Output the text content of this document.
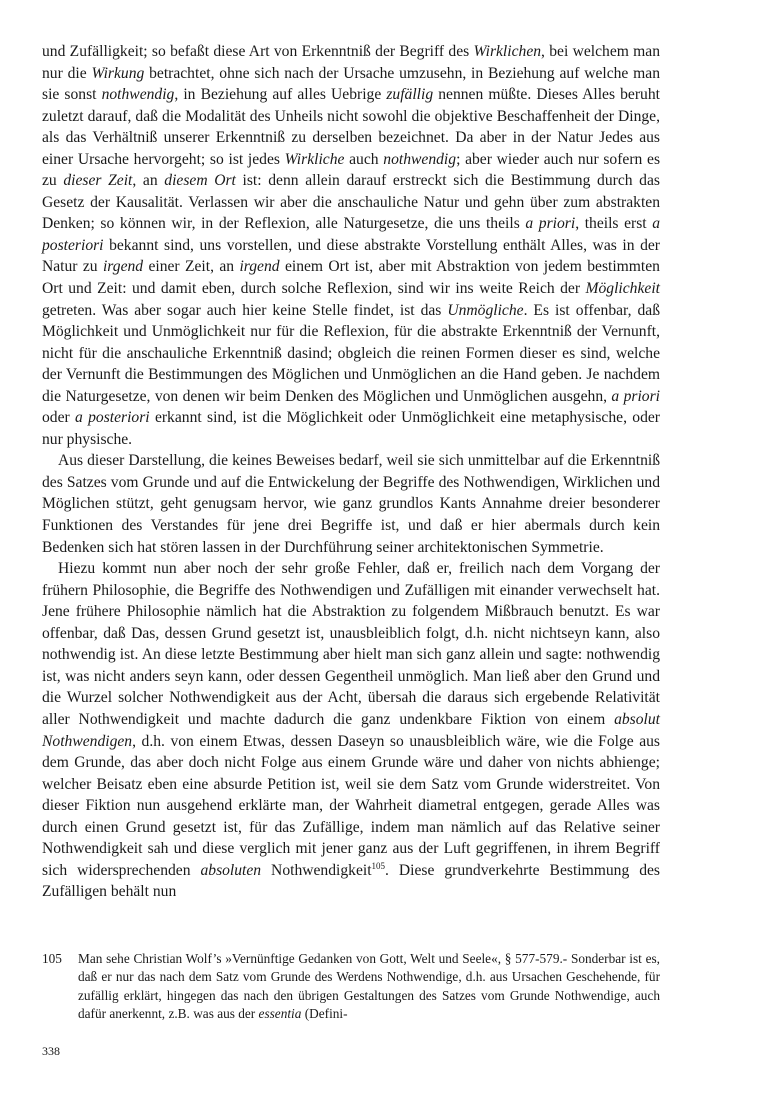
und Zufälligkeit; so befaßt diese Art von Erkenntniß der Begriff des Wirklichen, bei welchem man nur die Wirkung betrachtet, ohne sich nach der Ursache umzusehn, in Beziehung auf welche man sie sonst nothwendig, in Beziehung auf alles Uebrige zufällig nennen müßte. Dieses Alles beruht zuletzt darauf, daß die Modalität des Unheils nicht sowohl die objektive Beschaffenheit der Dinge, als das Verhältniß unserer Erkenntniß zu derselben bezeichnet. Da aber in der Natur Jedes aus einer Ursache hervorgeht; so ist jedes Wirkliche auch nothwendig; aber wieder auch nur sofern es zu dieser Zeit, an diesem Ort ist: denn allein darauf erstreckt sich die Bestimmung durch das Gesetz der Kausalität. Verlassen wir aber die anschauliche Natur und gehn über zum abstrakten Denken; so können wir, in der Reflexion, alle Naturgesetze, die uns theils a priori, theils erst a posteriori bekannt sind, uns vorstellen, und diese abstrakte Vorstellung enthält Alles, was in der Natur zu irgend einer Zeit, an irgend einem Ort ist, aber mit Abstraktion von jedem bestimmten Ort und Zeit: und damit eben, durch solche Reflexion, sind wir ins weite Reich der Möglichkeit getreten. Was aber sogar auch hier keine Stelle findet, ist das Unmögliche. Es ist offenbar, daß Möglichkeit und Unmöglichkeit nur für die Reflexion, für die abstrakte Erkenntniß der Vernunft, nicht für die anschauliche Erkenntniß dasind; obgleich die reinen Formen dieser es sind, welche der Vernunft die Bestimmungen des Möglichen und Unmöglichen an die Hand geben. Je nachdem die Naturgesetze, von denen wir beim Denken des Möglichen und Unmöglichen ausgehn, a priori oder a posteriori erkannt sind, ist die Möglichkeit oder Unmöglichkeit eine metaphysische, oder nur physische.

Aus dieser Darstellung, die keines Beweises bedarf, weil sie sich unmittelbar auf die Erkenntniß des Satzes vom Grunde und auf die Entwickelung der Begriffe des Nothwendigen, Wirklichen und Möglichen stützt, geht genugsam hervor, wie ganz grundlos Kants Annahme dreier besonderer Funktionen des Verstandes für jene drei Begriffe ist, und daß er hier abermals durch kein Bedenken sich hat stören lassen in der Durchführung seiner architektonischen Symmetrie.

Hiezu kommt nun aber noch der sehr große Fehler, daß er, freilich nach dem Vorgang der frühern Philosophie, die Begriffe des Nothwendigen und Zufälligen mit einander verwechselt hat. Jene frühere Philosophie nämlich hat die Abstraktion zu folgendem Mißbrauch benutzt. Es war offenbar, daß Das, dessen Grund gesetzt ist, unausbleiblich folgt, d.h. nicht nichtseyn kann, also nothwendig ist. An diese letzte Bestimmung aber hielt man sich ganz allein und sagte: nothwendig ist, was nicht anders seyn kann, oder dessen Gegentheil unmöglich. Man ließ aber den Grund und die Wurzel solcher Nothwendigkeit aus der Acht, übersah die daraus sich ergebende Relativität aller Nothwendigkeit und machte dadurch die ganz undenkbare Fiktion von einem absolut Nothwendigen, d.h. von einem Etwas, dessen Daseyn so unausbleiblich wäre, wie die Folge aus dem Grunde, das aber doch nicht Folge aus einem Grunde wäre und daher von nichts abhienge; welcher Beisatz eben eine absurde Petition ist, weil sie dem Satz vom Grunde widerstreitet. Von dieser Fiktion nun ausgehend erklärte man, der Wahrheit diametral entgegen, gerade Alles was durch einen Grund gesetzt ist, für das Zufällige, indem man nämlich auf das Relative seiner Nothwendigkeit sah und diese verglich mit jener ganz aus der Luft gegriffenen, in ihrem Begriff sich widersprechenden absoluten Nothwendigkeit$^{105}$. Diese grundverkehrte Bestimmung des Zufälligen behält nun

105 Man sehe Christian Wolf’s »Vernünftige Gedanken von Gott, Welt und Seele«, § 577-579.- Sonderbar ist es, daß er nur das nach dem Satz vom Grunde des Werdens Nothwendige, d.h. aus Ursachen Geschehende, für zufällig erklärt, hingegen das nach den übrigen Gestaltungen des Satzes vom Grunde Nothwendige, auch dafür anerkennt, z.B. was aus der essentia (Defini-
338
